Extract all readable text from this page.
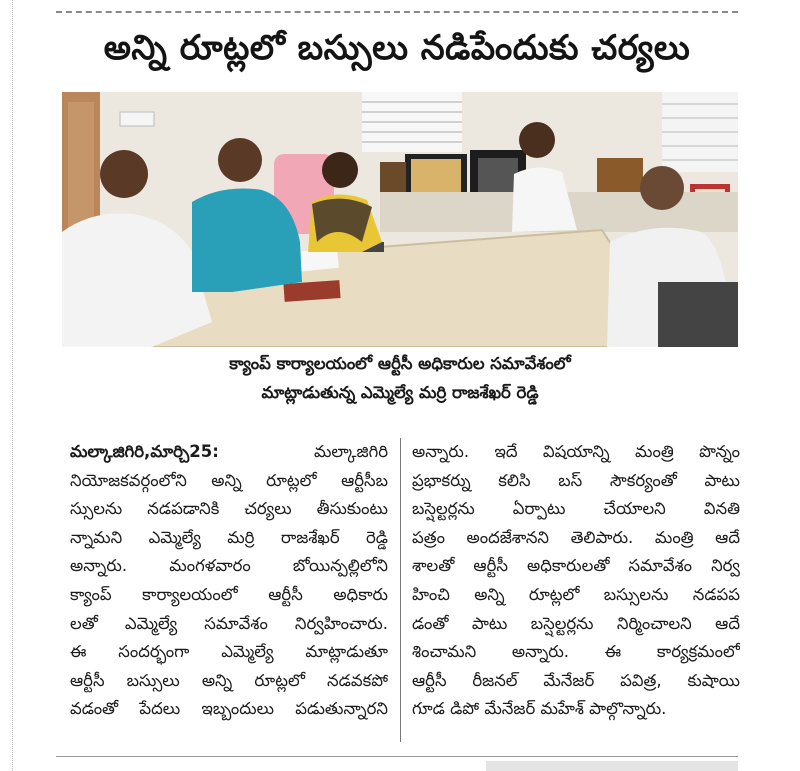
అన్ని రూట్లలో బస్సులు నడిపేందుకు చర్యలు
క్యాంప్ కార్యాలయంలో ఆర్టీసీ అధికారుల సమావేశంలో
మాట్లాడుతున్న ఎమ్మెల్యే మర్రి రాజశేఖర్ రెడ్డి
మల్కాజిగిరి,మార్చి25:	మల్కాజిగిరి
నియోజకవర్గంలోని అన్ని రూట్లలో ఆర్టీసీబ
స్సులను నడపడానికి చర్యలు తీసుకుంటు
న్నామని ఎమ్మెల్యే మర్రి రాజశేఖర్ రెడ్డి
అన్నారు. మంగళవారం బోయిన్పల్లిలోని
క్యాంప్ కార్యాలయంలో ఆర్టీసీ అధికారు
లతో ఎమ్మెల్యే సమావేశం నిర్వహించారు.
ఈ సందర్భంగా ఎమ్మెల్యే మాట్లాడుతూ
ఆర్టీసీ బస్సులు అన్ని రూట్లలో నడవకపో
వడంతో పేదలు ఇబ్బందులు పడుతున్నారని
అన్నారు. ఇదే విషయాన్ని మంత్రి పొన్నం
ప్రభాకర్ను కలిసి బస్ సౌకర్యంతో పాటు
బస్షెల్టర్లను ఏర్పాటు చేయాలని వినతి
పత్రం అందజేశానని తెలిపారు. మంత్రి ఆదే
శాలతో ఆర్టీసీ అధికారులతో సమావేశం నిర్వ
హించి అన్ని రూట్లలో బస్సులను నడపప
డంతో పాటు బస్షెల్టర్లను నిర్మించాలని ఆదే
శించామని అన్నారు. ఈ కార్యక్రమంలో
ఆర్టీసీ రీజనల్ మేనేజర్ పవిత్ర, కుషాయి
గూడ డిపో మేనేజర్ మహేశ్ పాల్గొన్నారు.
